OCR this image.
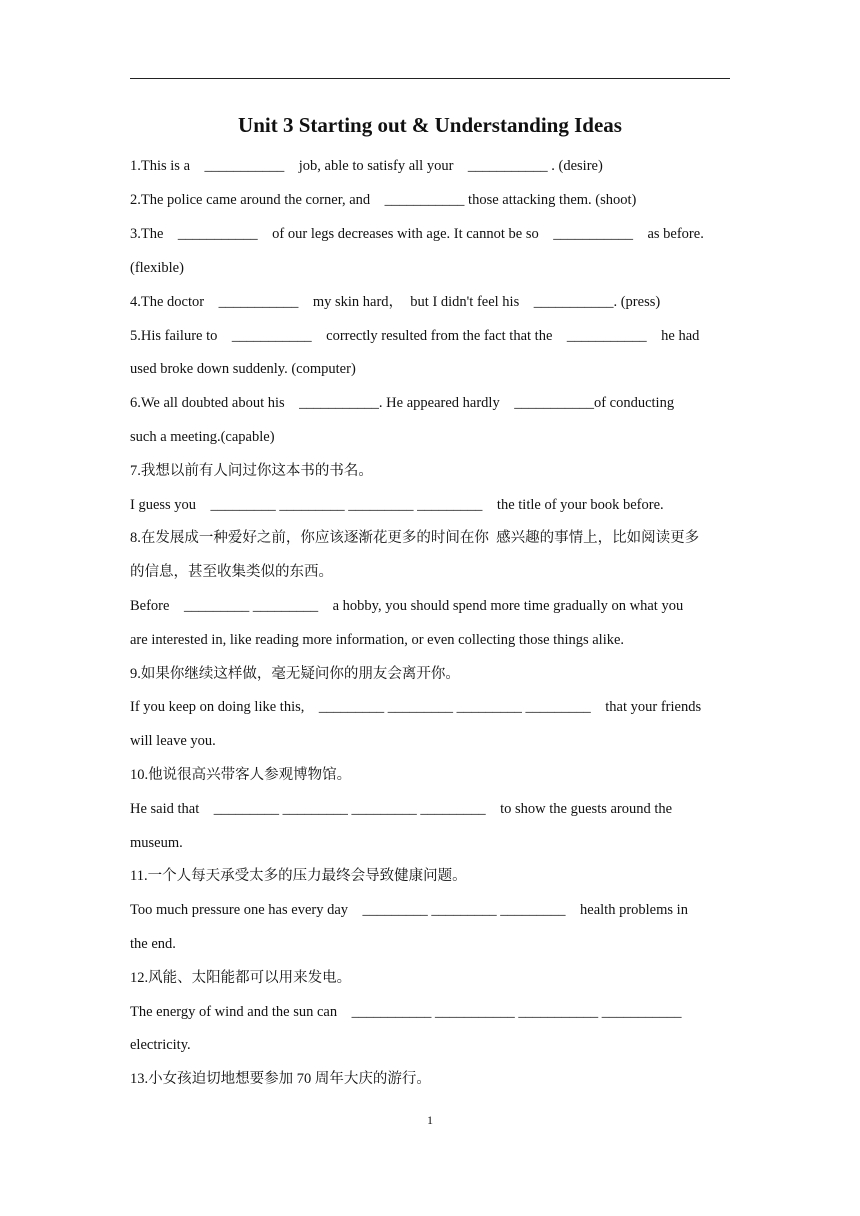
Unit 3 Starting out & Understanding Ideas
1.This is a    ___________    job, able to satisfy all your    ___________ . (desire)
2.The police came around the corner, and    ___________ those attacking them. (shoot)
3.The    ___________    of our legs decreases with age. It cannot be so    ___________    as before.
(flexible)
4.The doctor    ___________    my skin hard，  but I didn't feel his    ___________. (press)
5.His failure to    ___________    correctly resulted from the fact that the    ___________    he had
used broke down suddenly. (computer)
6.We all doubted about his    ___________. He appeared hardly    ___________of conducting
such a meeting.(capable)
7.我想以前有人问过你这本书的书名。
I guess you    _________ _________ _________ _________    the title of your book before.
8.在发展成一种爱好之前，你应该逐渐花更多的时间在你  感兴趣的事情上，比如阅读更多
的信息，甚至收集类似的东西。
Before    _________ _________    a hobby, you should spend more time gradually on what you
are interested in, like reading more information, or even collecting those things alike.
9.如果你继续这样做，毫无疑问你的朋友会离开你。
If you keep on doing like this,    _________ _________ _________ _________    that your friends
will leave you.
10.他说很高兴带客人参观博物馆。
He said that    _________ _________ _________ _________    to show the guests around the
museum.
11.一个人每天承受太多的压力最终会导致健康问题。
Too much pressure one has every day    _________ _________ _________    health problems in
the end.
12.风能、太阳能都可以用来发电。
The energy of wind and the sun can    ___________ ___________ ___________ ___________
electricity.
13.小女孩迫切地想要参加 70 周年大庆的游行。
1
